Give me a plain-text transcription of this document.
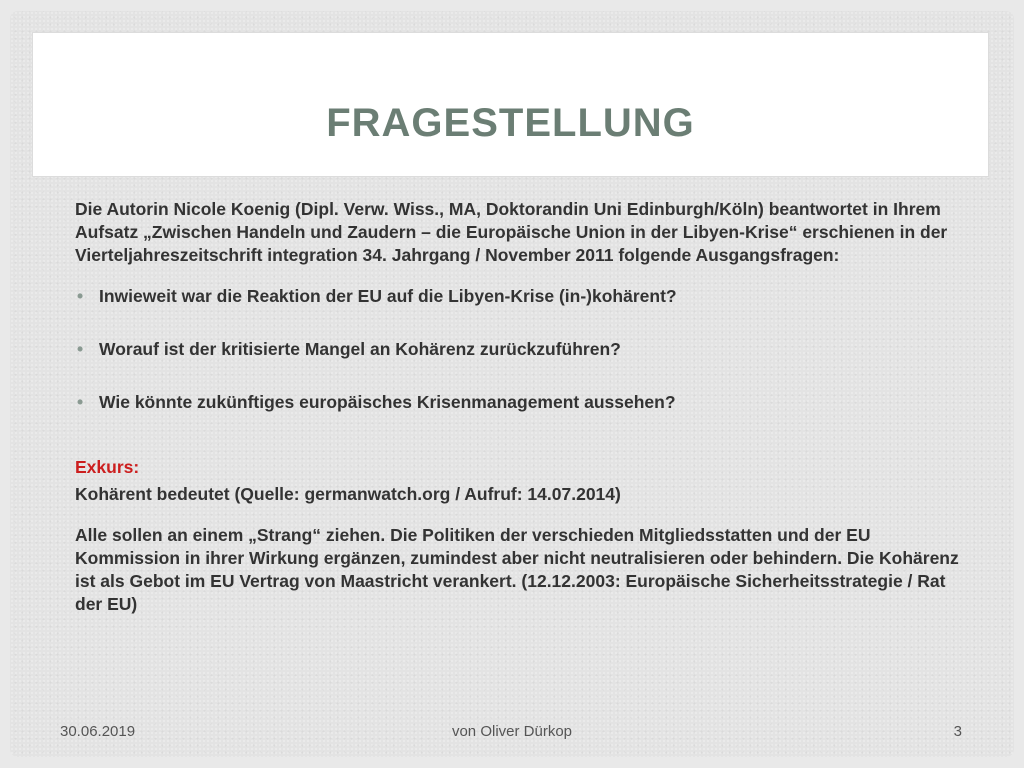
FRAGESTELLUNG

Die Autorin Nicole Koenig (Dipl. Verw. Wiss., MA, Doktorandin Uni Edinburgh/Köln) beantwortet in Ihrem Aufsatz „Zwischen Handeln und Zaudern – die Europäische Union in der Libyen-Krise“ erschienen in der Vierteljahreszeitschrift integration 34. Jahrgang / November 2011 folgende Ausgangsfragen:

• Inwieweit war die Reaktion der EU auf die Libyen-Krise (in-)kohärent?
• Worauf ist der kritisierte Mangel an Kohärenz zurückzuführen?
• Wie könnte zukünftiges europäisches Krisenmanagement aussehen?

Exkurs:

Kohärent bedeutet (Quelle: germanwatch.org / Aufruf: 14.07.2014)

Alle sollen an einem „Strang“ ziehen. Die Politiken der verschieden Mitgliedsstatten und der EU Kommission in ihrer Wirkung ergänzen, zumindest aber nicht neutralisieren oder behindern. Die Kohärenz ist als Gebot im EU Vertrag von Maastricht verankert. (12.12.2003: Europäische Sicherheitsstrategie / Rat der EU)

30.06.2019	von Oliver Dürkop	3
